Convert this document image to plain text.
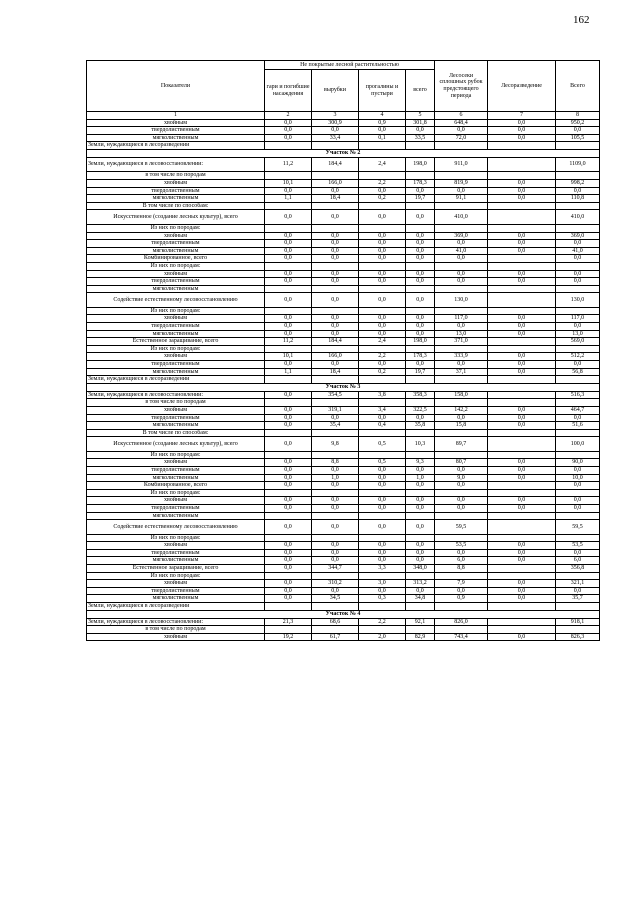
162
Показатели	Не покрытые лесной растительностью				Лесосеки сплошных рубок предстоящего периода	Лесоразведение	Всего
	гари и погибшие насаждения	вырубки	прогалины и пустыри	всего			
1	2	3	4	5	6	7	8
хвойным	0,0	300,9	0,9	301,8	648,4	0,0	950,2
твердолиственным	0,0	0,0	0,0	0,0	0,0	0,0	0,0
мягколиственным	0,0	33,4	0,1	33,5	72,0	0,0	105,5
Земли, нуждающиеся в лесоразведении							
Участок № 2							
Земли, нуждающиеся в лесовосстановлении:	11,2	184,4	2,4	198,0	911,0		1109,0
в том числе по породам							
хвойным	10,1	166,0	2,2	178,3	819,9	0,0	998,2
твердолиственным	0,0	0,0	0,0	0,0	0,0	0,0	0,0
мягколиственным	1,1	18,4	0,2	19,7	91,1	0,0	110,8
В том числе по способам:							
Искусственное (создание лесных культур), всего	0,0	0,0	0,0	0,0	410,0		410,0
Из них по породам:							
хвойным	0,0	0,0	0,0	0,0	369,0	0,0	369,0
твердолиственным	0,0	0,0	0,0	0,0	0,0	0,0	0,0
мягколиственным	0,0	0,0	0,0	0,0	41,0	0,0	41,0
Комбинированное, всего	0,0	0,0	0,0	0,0	0,0		0,0
Из них по породам:							
хвойным	0,0	0,0	0,0	0,0	0,0	0,0	0,0
твердолиственным	0,0	0,0	0,0	0,0	0,0	0,0	0,0
мягколиственным							
Содействие естественному лесовосстановлению	0,0	0,0	0,0	0,0	130,0		130,0
Из них по породам:							
хвойным	0,0	0,0	0,0	0,0	117,0	0,0	117,0
твердолиственным	0,0	0,0	0,0	0,0	0,0	0,0	0,0
мягколиственным	0,0	0,0	0,0	0,0	13,0	0,0	13,0
Естественное заращивание, всего	11,2	184,4	2,4	198,0	371,0		569,0
Из них по породам:							
хвойным	10,1	166,0	2,2	178,3	333,9	0,0	512,2
твердолиственным	0,0	0,0	0,0	0,0	0,0	0,0	0,0
мягколиственным	1,1	18,4	0,2	19,7	37,1	0,0	56,8
Земли, нуждающиеся в лесоразведении							
Участок № 3							
Земли, нуждающиеся в лесовосстановлении:	0,0	354,5	3,8	358,3	158,0		516,3
в том числе по породам							
хвойным	0,0	319,1	3,4	322,5	142,2	0,0	464,7
твердолиственным	0,0	0,0	0,0	0,0	0,0	0,0	0,0
мягколиственным	0,0	35,4	0,4	35,8	15,8	0,0	51,6
В том числе по способам:							
Искусственное (создание лесных культур), всего	0,0	9,8	0,5	10,3	89,7		100,0
Из них по породам:							
хвойным	0,0	8,8	0,5	9,3	80,7	0,0	90,0
твердолиственным	0,0	0,0	0,0	0,0	0,0	0,0	0,0
мягколиственным	0,0	1,0	0,0	1,0	9,0	0,0	10,0
Комбинированное, всего	0,0	0,0	0,0	0,0	0,0		0,0
Из них по породам:							
хвойным	0,0	0,0	0,0	0,0	0,0	0,0	0,0
твердолиственным	0,0	0,0	0,0	0,0	0,0	0,0	0,0
мягколиственным							
Содействие естественному лесовосстановлению	0,0	0,0	0,0	0,0	59,5		59,5
Из них по породам:							
хвойным	0,0	0,0	0,0	0,0	53,5	0,0	53,5
твердолиственным	0,0	0,0	0,0	0,0	0,0	0,0	0,0
мягколиственным	0,0	0,0	0,0	0,0	6,0	0,0	6,0
Естественное заращивание, всего	0,0	344,7	3,3	348,0	8,8		356,8
Из них по породам:							
хвойным	0,0	310,2	3,0	313,2	7,9	0,0	321,1
твердолиственным	0,0	0,0	0,0	0,0	0,0	0,0	0,0
мягколиственным	0,0	34,5	0,3	34,8	0,9	0,0	35,7
Земли, нуждающиеся в лесоразведении							
Участок № 4							
Земли, нуждающиеся в лесовосстановлении:	21,3	68,6	2,2	92,1	826,0		918,1
в том числе по породам							
хвойным	19,2	61,7	2,0	82,9	743,4	0,0	826,3
